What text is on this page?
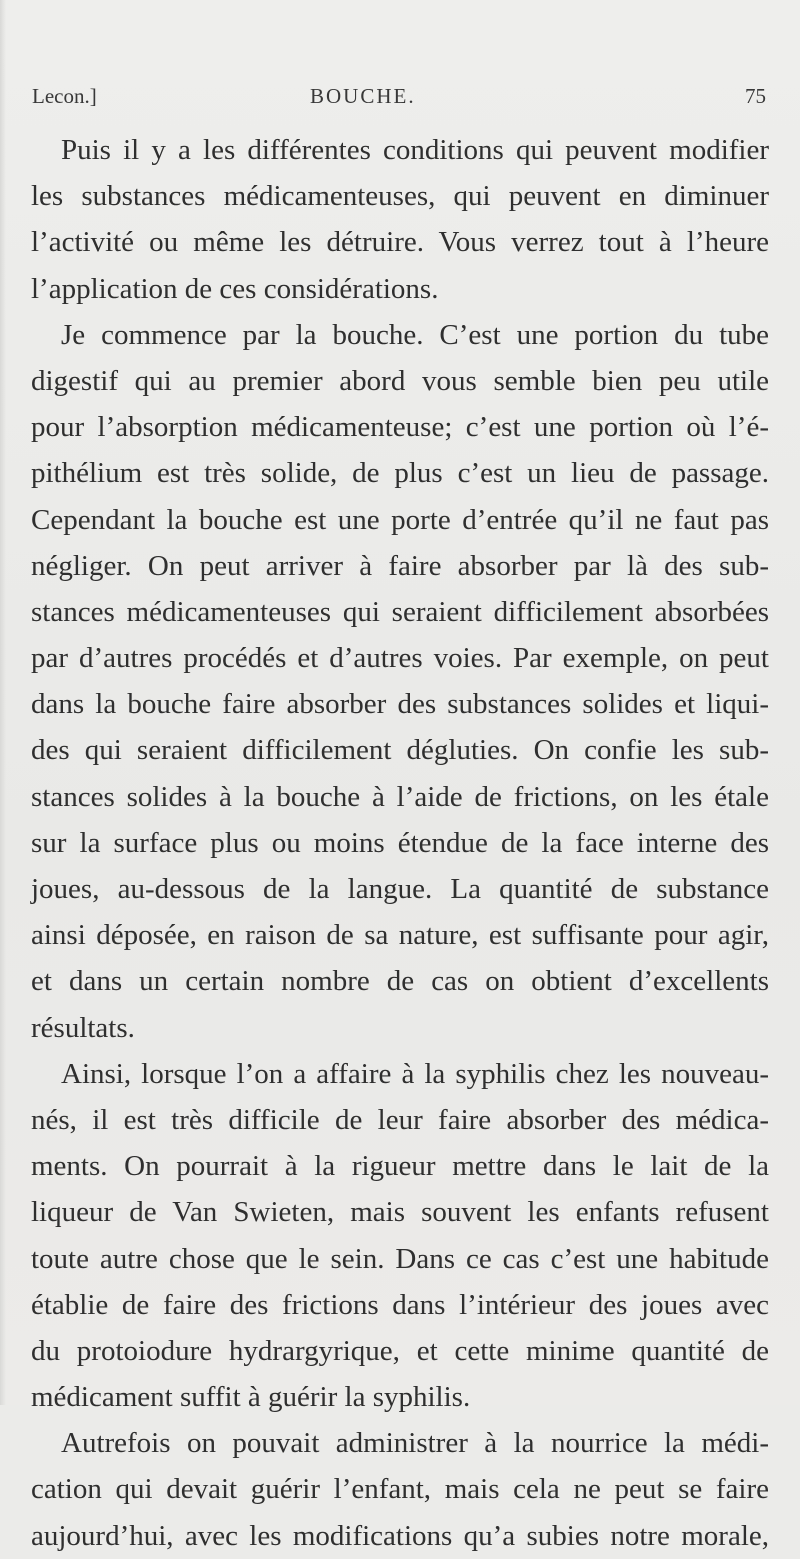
Lecon.]	BOUCHE.	75
Puis il y a les différentes conditions qui peuvent modifier
les substances médicamenteuses, qui peuvent en diminuer
l’activité ou même les détruire. Vous verrez tout à l’heure
l’application de ces considérations.
Je commence par la bouche. C’est une portion du tube
digestif qui au premier abord vous semble bien peu utile
pour l’absorption médicamenteuse; c’est une portion où l’é-
pithélium est très solide, de plus c’est un lieu de passage.
Cependant la bouche est une porte d’entrée qu’il ne faut pas
négliger. On peut arriver à faire absorber par là des sub-
stances médicamenteuses qui seraient difficilement absorbées
par d’autres procédés et d’autres voies. Par exemple, on peut
dans la bouche faire absorber des substances solides et liqui-
des qui seraient difficilement dégluties. On confie les sub-
stances solides à la bouche à l’aide de frictions, on les étale
sur la surface plus ou moins étendue de la face interne des
joues, au-dessous de la langue. La quantité de substance
ainsi déposée, en raison de sa nature, est suffisante pour agir,
et dans un certain nombre de cas on obtient d’excellents
résultats.
Ainsi, lorsque l’on a affaire à la syphilis chez les nouveau-
nés, il est très difficile de leur faire absorber des médica-
ments. On pourrait à la rigueur mettre dans le lait de la
liqueur de Van Swieten, mais souvent les enfants refusent
toute autre chose que le sein. Dans ce cas c’est une habitude
établie de faire des frictions dans l’intérieur des joues avec
du protoiodure hydrargyrique, et cette minime quantité de
médicament suffit à guérir la syphilis.
Autrefois on pouvait administrer à la nourrice la médi-
cation qui devait guérir l’enfant, mais cela ne peut se faire
aujourd’hui, avec les modifications qu’a subies notre morale,
